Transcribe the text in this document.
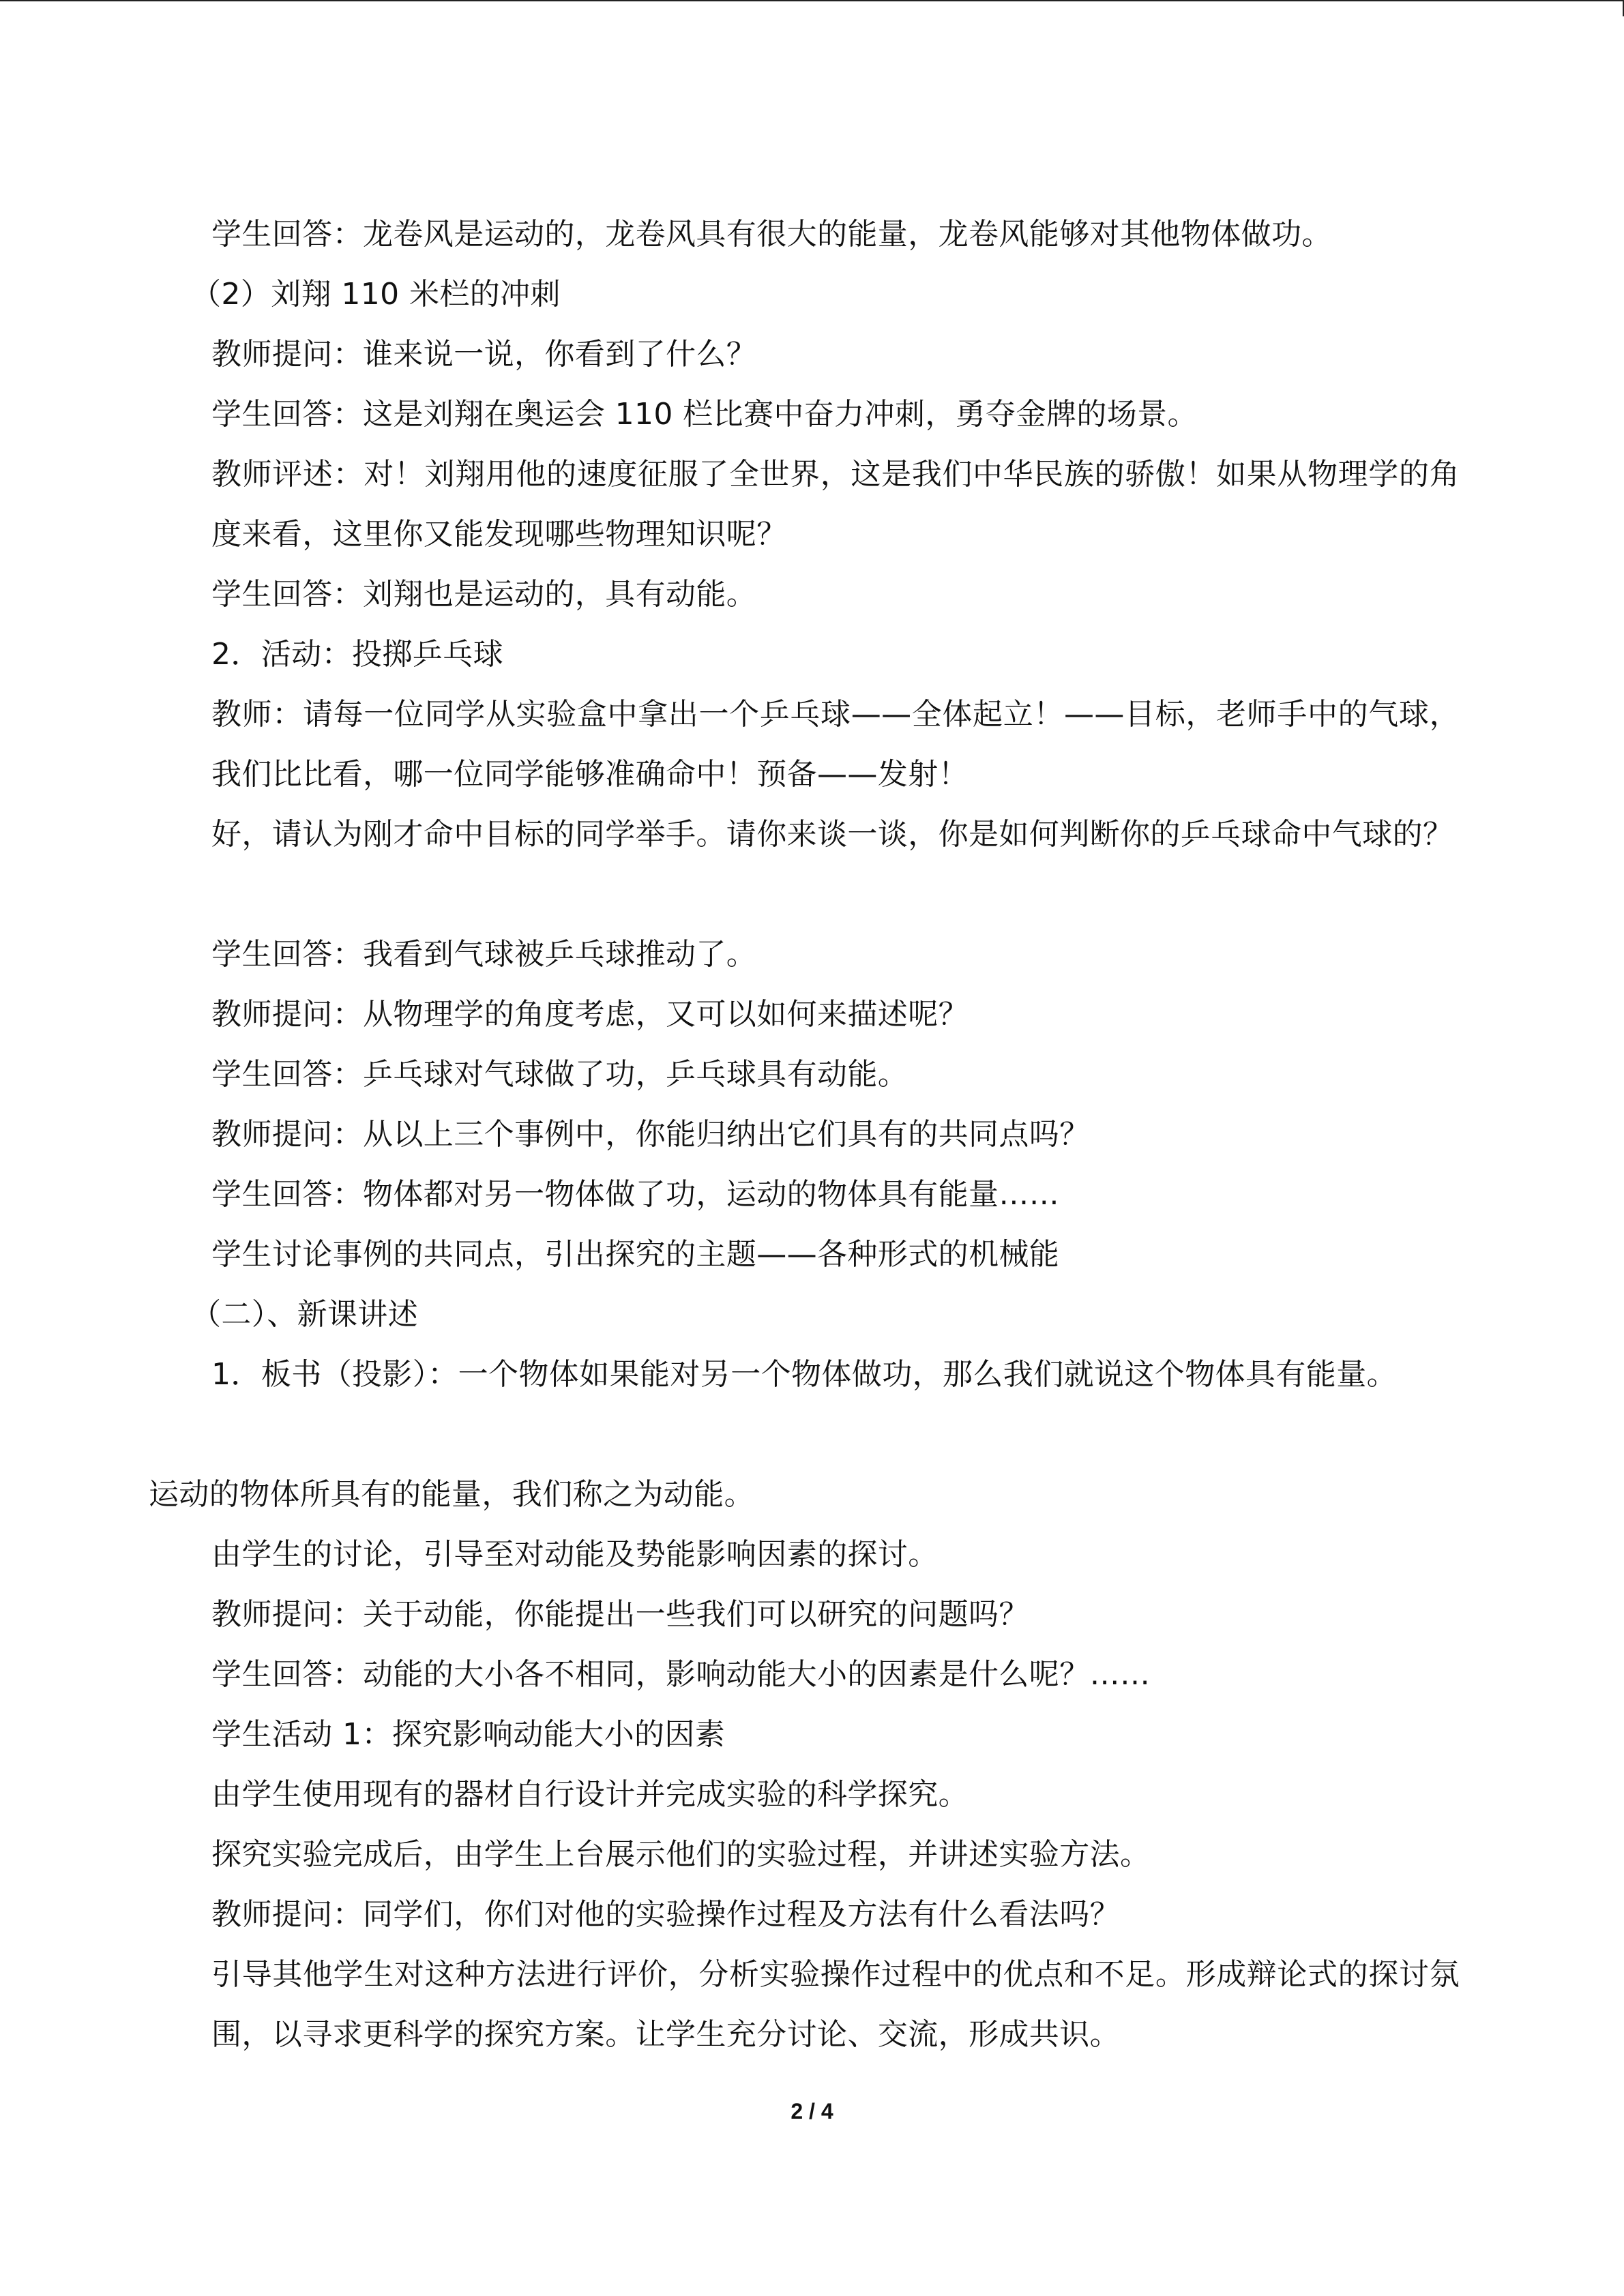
学生回答：龙卷风是运动的，龙卷风具有很大的能量，龙卷风能够对其他物体做功。
（2）刘翔 110 米栏的冲刺
教师提问：谁来说一说，你看到了什么？
学生回答：这是刘翔在奥运会 110 栏比赛中奋力冲刺，勇夺金牌的场景。
教师评述：对！刘翔用他的速度征服了全世界，这是我们中华民族的骄傲！如果从物理学的角度来看，这里你又能发现哪些物理知识呢？
学生回答：刘翔也是运动的，具有动能。
2．活动：投掷乒乓球
教师：请每一位同学从实验盒中拿出一个乒乓球——全体起立！——目标，老师手中的气球，我们比比看，哪一位同学能够准确命中！预备——发射！
好，请认为刚才命中目标的同学举手。请你来谈一谈，你是如何判断你的乒乓球命中气球的？
学生回答：我看到气球被乒乓球推动了。
教师提问：从物理学的角度考虑，又可以如何来描述呢？
学生回答：乒乓球对气球做了功，乒乓球具有动能。
教师提问：从以上三个事例中，你能归纳出它们具有的共同点吗？
学生回答：物体都对另一物体做了功，运动的物体具有能量……
学生讨论事例的共同点，引出探究的主题——各种形式的机械能
（二）、新课讲述
1．板书（投影）：一个物体如果能对另一个物体做功，那么我们就说这个物体具有能量。
运动的物体所具有的能量，我们称之为动能。
由学生的讨论，引导至对动能及势能影响因素的探讨。
教师提问：关于动能，你能提出一些我们可以研究的问题吗？
学生回答：动能的大小各不相同，影响动能大小的因素是什么呢？……
学生活动 1：探究影响动能大小的因素
由学生使用现有的器材自行设计并完成实验的科学探究。
探究实验完成后，由学生上台展示他们的实验过程，并讲述实验方法。
教师提问：同学们，你们对他的实验操作过程及方法有什么看法吗？
引导其他学生对这种方法进行评价，分析实验操作过程中的优点和不足。形成辩论式的探讨氛围，以寻求更科学的探究方案。让学生充分讨论、交流，形成共识。
2 / 4
